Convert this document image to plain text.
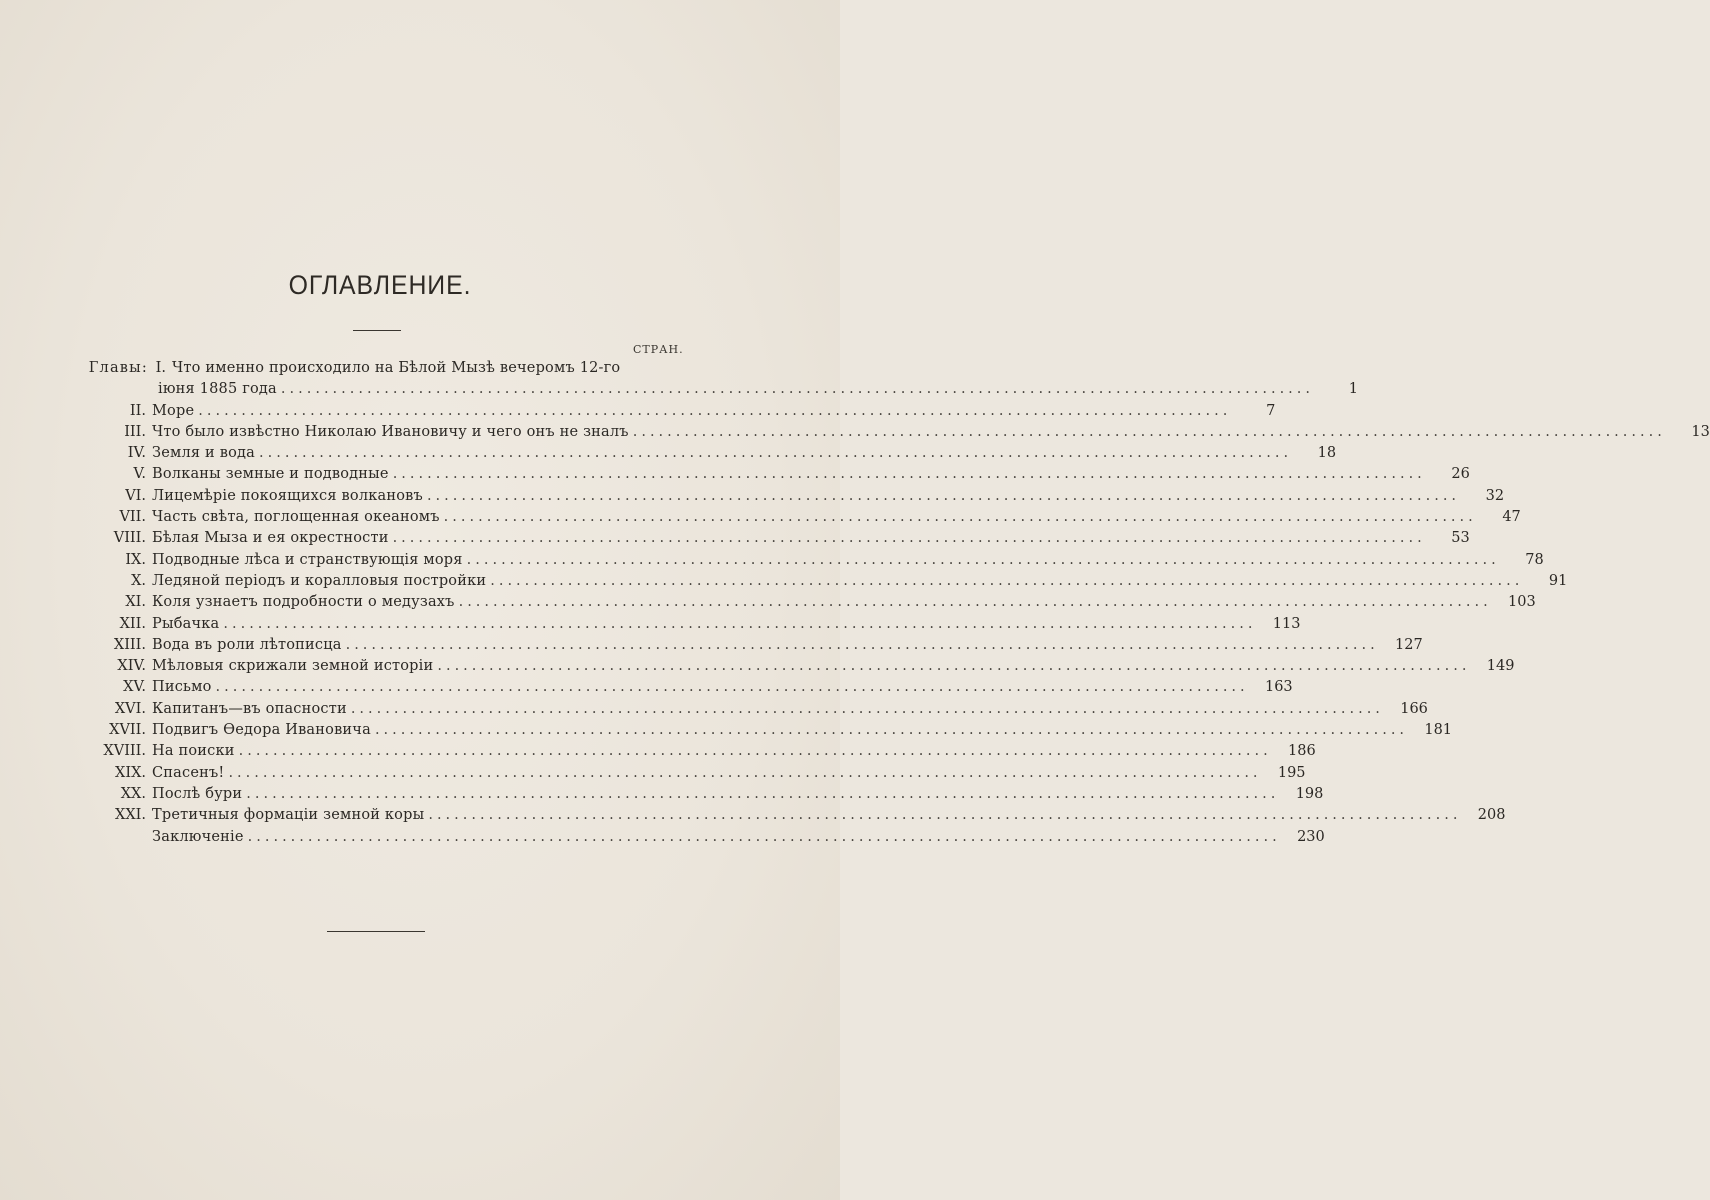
ОГЛАВЛЕНИЕ.
СТРАН.
Главы: I. Что именно происходило на Бѣлой Мызѣ вечеромъ 12-го
іюня 1885 года ........................................................................................................................	1
II. Море ........................................................................................................................	7
III. Что было извѣстно Николаю Ивановичу и чего онъ не зналъ ........................................................................................................................	13
IV. Земля и вода ........................................................................................................................	18
V. Волканы земные и подводные ........................................................................................................................	26
VI. Лицемѣріе покоящихся волкановъ ........................................................................................................................	32
VII. Часть свѣта, поглощенная океаномъ ........................................................................................................................	47
VIII. Бѣлая Мыза и ея окрестности ........................................................................................................................	53
IX. Подводные лѣса и странствующія моря ........................................................................................................................	78
X. Ледяной періодъ и коралловыя постройки ........................................................................................................................	91
XI. Коля узнаетъ подробности о медузахъ ........................................................................................................................	103
XII. Рыбачка ........................................................................................................................	113
XIII. Вода въ роли лѣтописца ........................................................................................................................	127
XIV. Мѣловыя скрижали земной исторіи ........................................................................................................................	149
XV. Письмо ........................................................................................................................	163
XVI. Капитанъ—въ опасности ........................................................................................................................	166
XVII. Подвигъ Ѳедора Ивановича ........................................................................................................................	181
XVIII. На поиски ........................................................................................................................	186
XIX. Спасенъ! ........................................................................................................................	195
XX. Послѣ бури ........................................................................................................................	198
XXI. Третичныя формаціи земной коры ........................................................................................................................	208
Заключеніе ........................................................................................................................	230
